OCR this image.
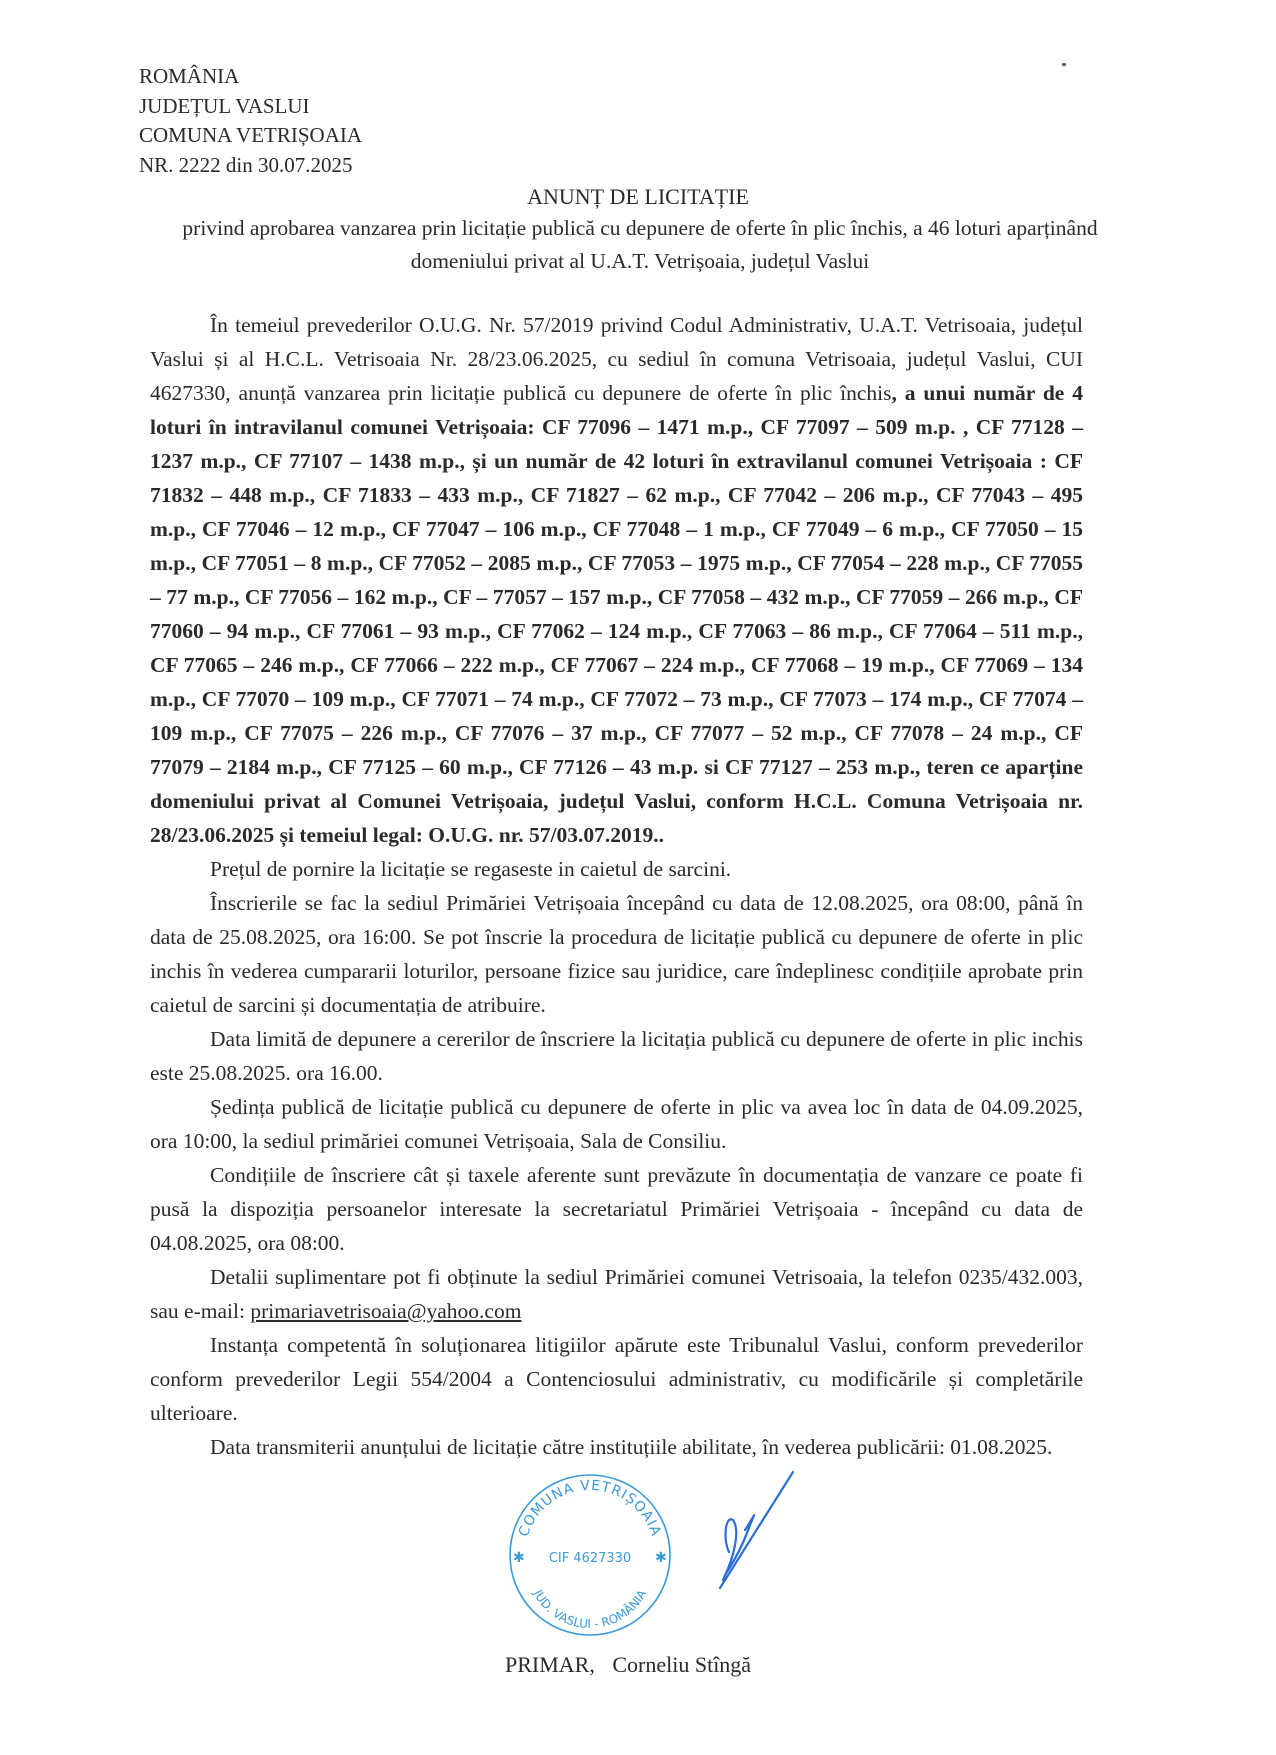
ROMÂNIA
JUDEȚUL VASLUI
COMUNA VETRIȘOAIA
NR. 2222 din 30.07.2025
ANUNȚ DE LICITAȚIE
privind aprobarea vanzarea prin licitație publică cu depunere de oferte în plic închis, a 46 loturi aparținând domeniului privat al U.A.T. Vetrișoaia, județul Vaslui

În temeiul prevederilor O.U.G. Nr. 57/2019 privind Codul Administrativ, U.A.T. Vetrisoaia, județul Vaslui și al H.C.L. Vetrisoaia Nr. 28/23.06.2025, cu sediul în comuna Vetrisoaia, județul Vaslui, CUI 4627330, anunță vanzarea prin licitație publică cu depunere de oferte în plic închis, a unui număr de 4 loturi în intravilanul comunei Vetrișoaia: CF 77096 – 1471 m.p., CF 77097 – 509 m.p. , CF 77128 – 1237 m.p., CF 77107 – 1438 m.p., și un număr de 42 loturi în extravilanul comunei Vetrișoaia : CF 71832 – 448 m.p., CF 71833 – 433 m.p., CF 71827 – 62 m.p., CF 77042 – 206 m.p., CF 77043 – 495 m.p., CF 77046 – 12 m.p., CF 77047 – 106 m.p., CF 77048 – 1 m.p., CF 77049 – 6 m.p., CF 77050 – 15 m.p., CF 77051 – 8 m.p., CF 77052 – 2085 m.p., CF 77053 – 1975 m.p., CF 77054 – 228 m.p., CF 77055 – 77 m.p., CF 77056 – 162 m.p., CF – 77057 – 157 m.p., CF 77058 – 432 m.p., CF 77059 – 266 m.p., CF 77060 – 94 m.p., CF 77061 – 93 m.p., CF 77062 – 124 m.p., CF 77063 – 86 m.p., CF 77064 – 511 m.p., CF 77065 – 246 m.p., CF 77066 – 222 m.p., CF 77067 – 224 m.p., CF 77068 – 19 m.p., CF 77069 – 134 m.p., CF 77070 – 109 m.p., CF 77071 – 74 m.p., CF 77072 – 73 m.p., CF 77073 – 174 m.p., CF 77074 – 109 m.p., CF 77075 – 226 m.p., CF 77076 – 37 m.p., CF 77077 – 52 m.p., CF 77078 – 24 m.p., CF 77079 – 2184 m.p., CF 77125 – 60 m.p., CF 77126 – 43 m.p. si CF 77127 – 253 m.p., teren ce aparține domeniului privat al Comunei Vetrișoaia, județul Vaslui, conform H.C.L. Comuna Vetrișoaia nr. 28/23.06.2025 și temeiul legal: O.U.G. nr. 57/03.07.2019..

Prețul de pornire la licitație se regaseste in caietul de sarcini.

Înscrierile se fac la sediul Primăriei Vetrișoaia începând cu data de 12.08.2025, ora 08:00, până în data de 25.08.2025, ora 16:00. Se pot înscrie la procedura de licitație publică cu depunere de oferte in plic inchis în vederea cumpararii loturilor, persoane fizice sau juridice, care îndeplinesc condițiile aprobate prin caietul de sarcini și documentația de atribuire.

Data limită de depunere a cererilor de înscriere la licitația publică cu depunere de oferte in plic inchis este 25.08.2025. ora 16.00.

Ședința publică de licitație publică cu depunere de oferte in plic va avea loc în data de 04.09.2025, ora 10:00, la sediul primăriei comunei Vetrișoaia, Sala de Consiliu.

Condițiile de înscriere cât și taxele aferente sunt prevăzute în documentația de vanzare ce poate fi pusă la dispoziția persoanelor interesate la secretariatul Primăriei Vetrișoaia - începând cu data de 04.08.2025, ora 08:00.

Detalii suplimentare pot fi obținute la sediul Primăriei comunei Vetrisoaia, la telefon 0235/432.003, sau e-mail: primariavetrisoaia@yahoo.com

Instanța competentă în soluționarea litigiilor apărute este Tribunalul Vaslui, conform prevederilor conform prevederilor Legii 554/2004 a Contenciosului administrativ, cu modificările și completările ulterioare.

Data transmiterii anunțului de licitație către instituțiile abilitate, în vederea publicării: 01.08.2025.

COMUNA VETRIȘOAIA
JUD. VASLUI - ROMÂNIA
CIF 4627330
✱	✱
PRIMAR, Corneliu Stîngă
